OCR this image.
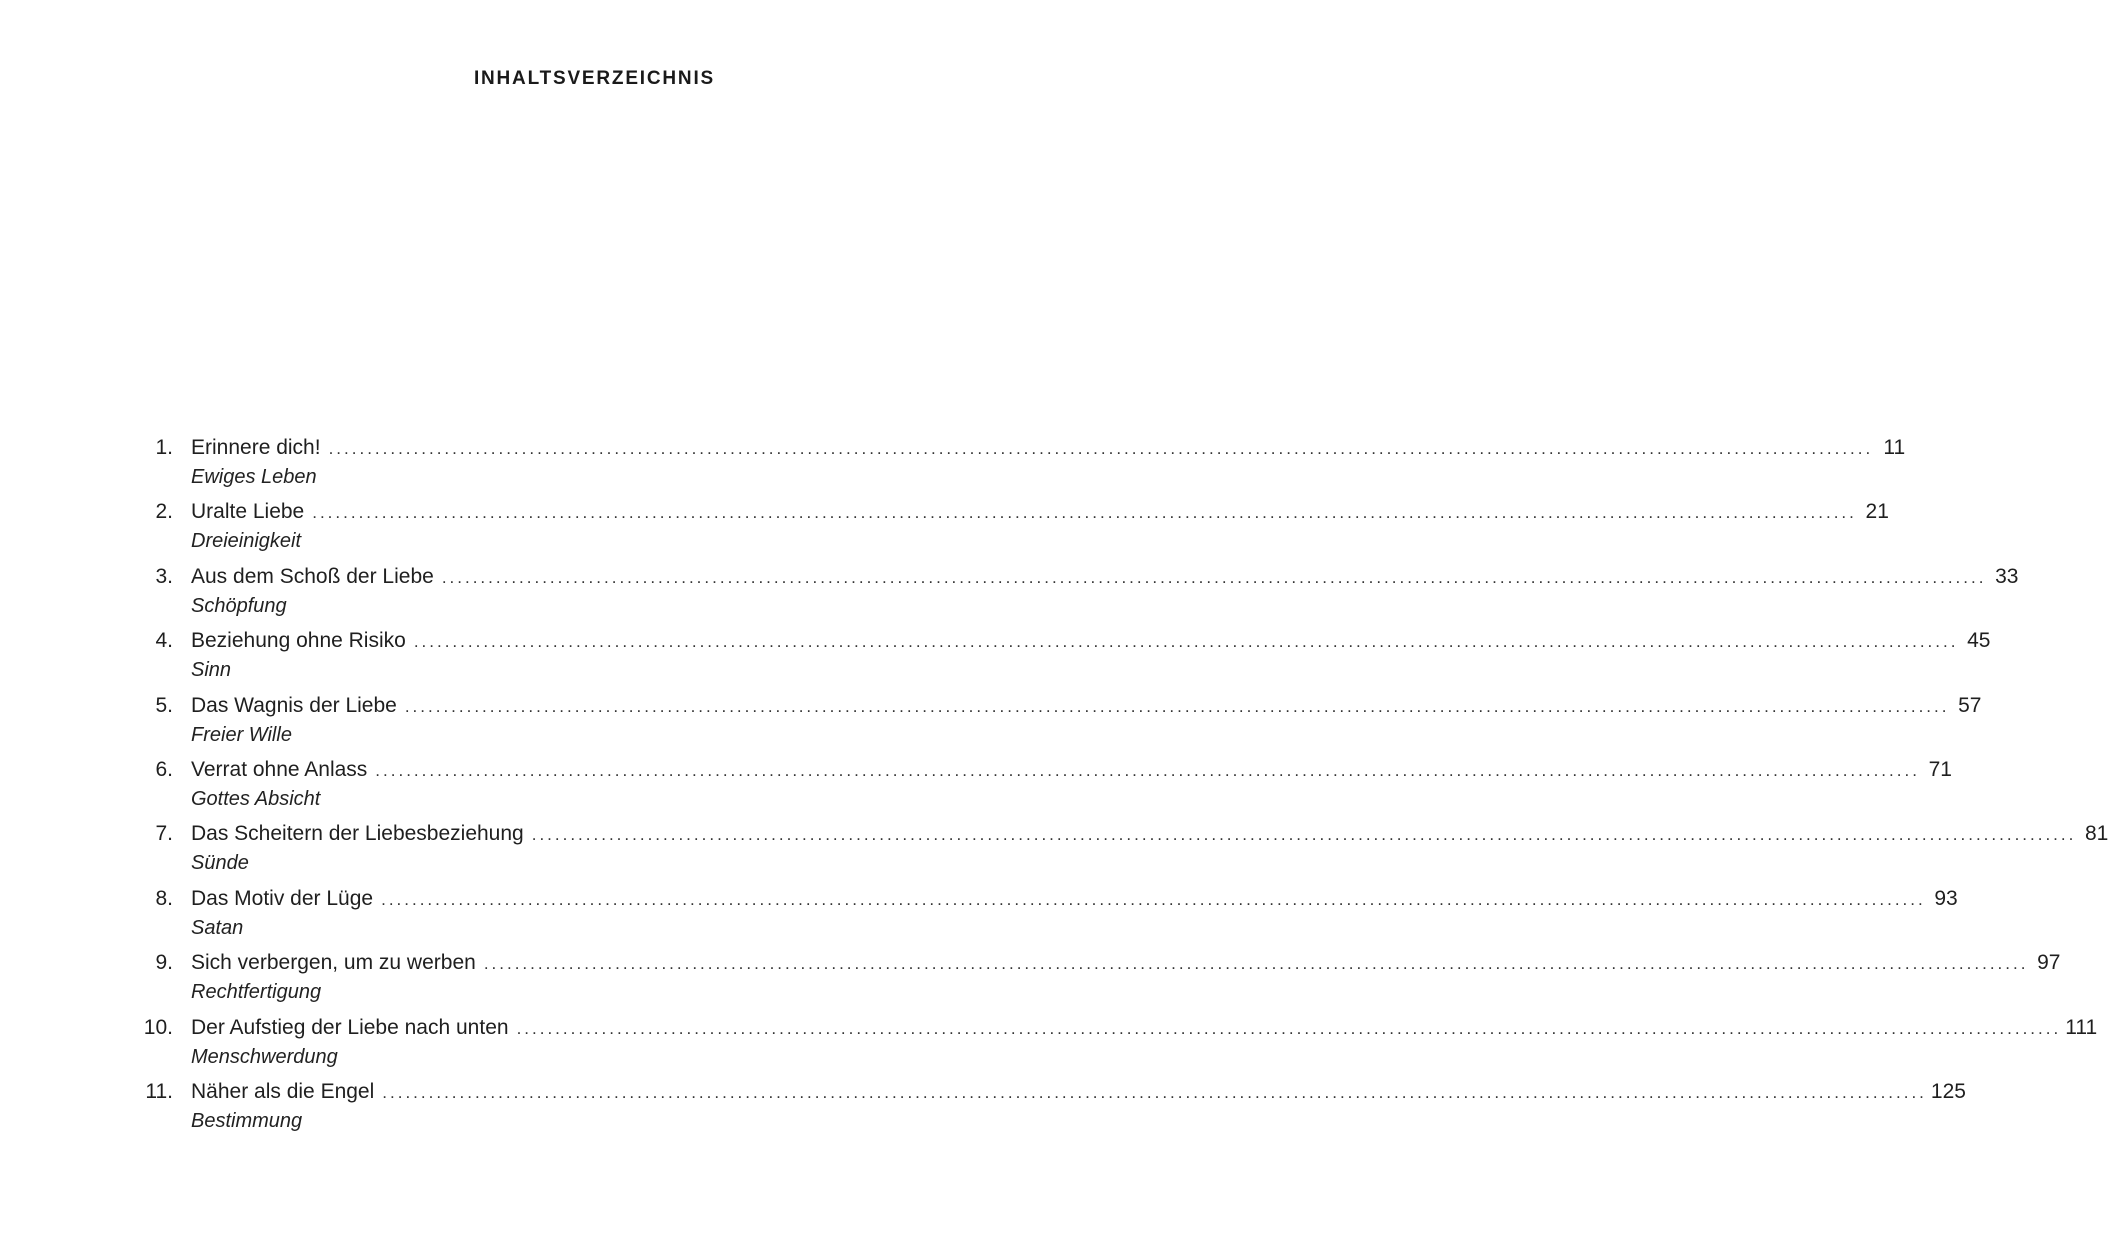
INHALTSVERZEICHNIS
1. Erinnere dich! ........................................................................................................................................................................................................ 11
Ewiges Leben
2. Uralte Liebe ........................................................................................................................................................................................................ 21
Dreieinigkeit
3. Aus dem Schoß der Liebe ........................................................................................................................................................................................................ 33
Schöpfung
4. Beziehung ohne Risiko ........................................................................................................................................................................................................ 45
Sinn
5. Das Wagnis der Liebe ........................................................................................................................................................................................................ 57
Freier Wille
6. Verrat ohne Anlass ........................................................................................................................................................................................................ 71
Gottes Absicht
7. Das Scheitern der Liebesbeziehung ........................................................................................................................................................................................................ 81
Sünde
8. Das Motiv der Lüge ........................................................................................................................................................................................................ 93
Satan
9. Sich verbergen, um zu werben ........................................................................................................................................................................................................ 97
Rechtfertigung
10. Der Aufstieg der Liebe nach unten ........................................................................................................................................................................................................ 111
Menschwerdung
11. Näher als die Engel ........................................................................................................................................................................................................ 125
Bestimmung
